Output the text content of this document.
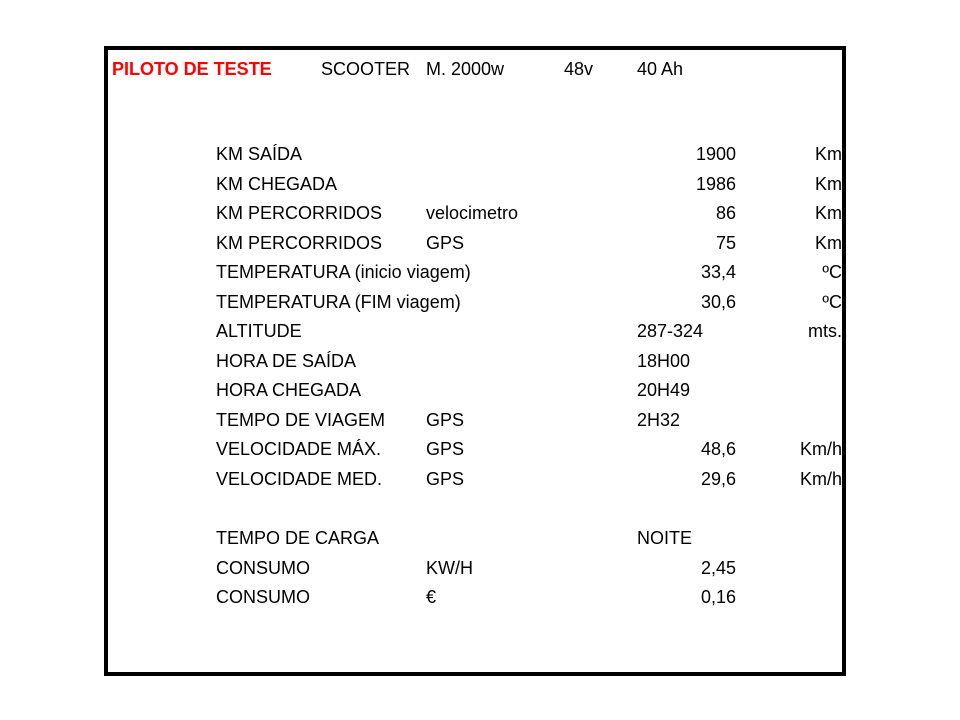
PILOTO DE TESTE	SCOOTER M. 2000w	48v 40 Ah
KM SAÍDA	1900	Km
KM CHEGADA	1986	Km
KM PERCORRIDOS velocimetro	86	Km
KM PERCORRIDOS GPS	75	Km
TEMPERATURA (inicio viagem)	33,4	ºC
TEMPERATURA (FIM viagem)	30,6	ºC
ALTITUDE	287-324	mts.
HORA DE SAÍDA	18H00
HORA CHEGADA	20H49
TEMPO DE VIAGEM GPS	2H32
VELOCIDADE MÁX. GPS	48,6	Km/h
VELOCIDADE MED. GPS	29,6	Km/h
TEMPO DE CARGA	NOITE
CONSUMO	KW/H	2,45
CONSUMO	€	0,16
